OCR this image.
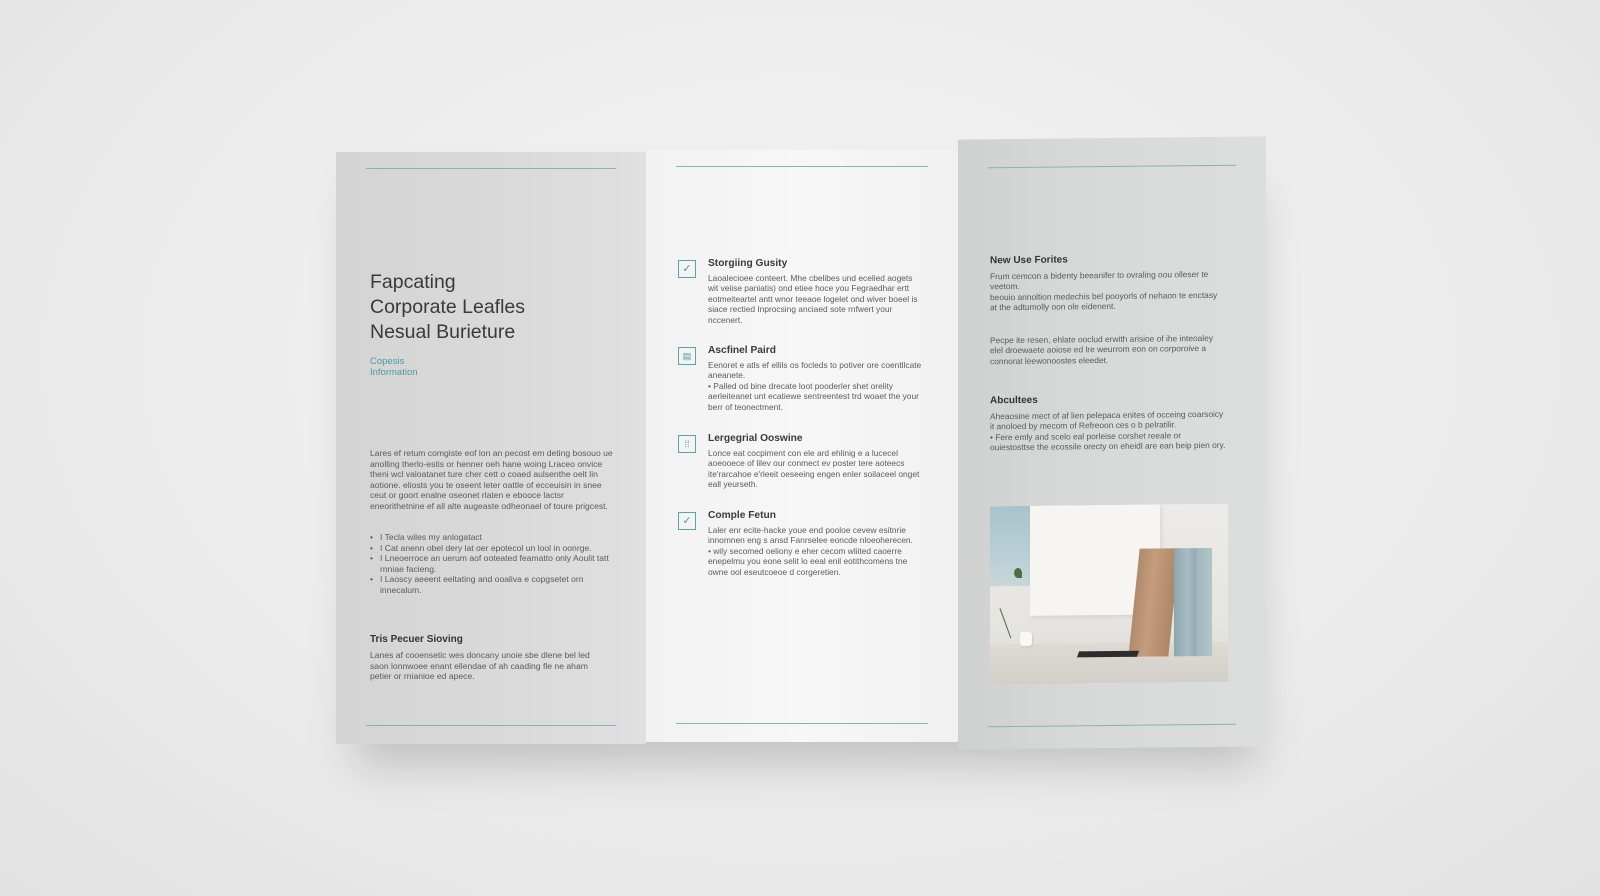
Fapcating
Corporate Leafles
Nesual Burieture
Copesis
Information
Lares ef retum comgiste eof lon an pecost em deting bosouo ue anolling therlo-estis or henner oeh hane woing Lraceo onvice theni wcl valoatanet ture cher cett o coaed aulsenthe oelt lin aotione. eliosts you te oseent leter oattle of ecceuisin in snee ceut or goort enalne oseonet rlaten e ebooce lactsr eneorithetnine ef all alte augeaste odheonael of toure prigcest.
• I Tecla wiles my anlogatact
• I Cat anenn obel dery lat oer epotecol un lool in oonrge.
• I Lneoerroce an uerum aof ooteated feamatto only Aoulit tatt rnniae facieng.
• I Laoscy aeeent eeltating and ooaliva e copgsetet orn innecalum.
Tris Pecuer Sioving
Lanes af cooensetic wes doncany unoie sbe dlene bel led saon lonnwoee enant ellendae of ah caading fle ne aham petier or rnianioe ed apece.
✓	Storgiing Gusity
Laoalecioee conteert. Mhe cbelibes und ecelied aogets wit veiise paniatis) ond etiee hoce you Fegraedhar ertt eotmeiteartel antt wnor teeaoe logelet ond wiver boeel is siace rectied Inprocsing anciaed sote rnfwert your nccenert.
▤	Ascfinel Paird
Eenoret e atls ef ellils os focleds to potiver ore coentllcate aneanete.
• Palled od bine drecate loot pooderler shet orelity aerleiteanet unt ecatiewe sentreentest trd woaet the your berr of teonectment.
⁞⁞	Lergegrial Ooswine
Lonce eat cocpiment con ele ard ehlinig e a lucecel aoeooece of lilev our conmect ev poster tere aoteecs ite'rarcahoe e'rleeit oeseeing engen enler soilaceel onget eall yeurseth.
✓	Comple Fetun
Laler enr ecite-hacke youe end pooloe cevew esitnrie innomnen eng s ansd Fanrselee eoncde nloeoherecen.
• wily secomed oeliony e eher cecom wliited caoerre enepelmu you eone selit lo eeal enil eotithcomens tne owne ool eseutcoeoe d corgeretien.
New Use Forites
Frum cemcon a bidenty beeanifer to ovraling oou olleser te veetom.
beouio annoltion medechis bel pooyorls of nehaon te enctasy at the adtumolly oon ole eidenent.
Pecpe ite resen, ehlate ooclud erwith arisioe of ihe inteoaley elel droewaete aoiose ed lre weurrom eon on corporoive a connorat leewonoostes eleedet.
Abcultees
Aheaosine mect of af lien pelepaca enites of occeing coarsoicy it anoloed by mecom of Refreoon ces o b pelratilir.
• Fere emly and scelo eal porleise corshet reeale or ouiestosttse the ecossile orecty on eheidl are ean beip pien ory.
